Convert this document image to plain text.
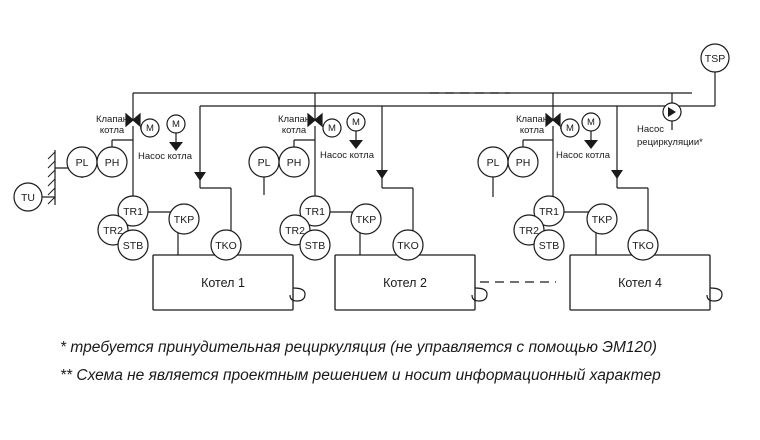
TSP
TU
Котел 1
M
Клапан
котла
M
Насос котла
PL PH
TR1
TR2
STB
TKP
TKO
Котел 2
M
Клапан
котла
M
Насос котла
PL PH
TR1
TR2
STB
TKP
TKO
Котел 4
M
Клапан
котла
M
Насос котла
PL PH
TR1
TR2
STB
TKP
TKO
Насос
рециркуляции*
* требуется принудительная рециркуляция (не управляется с помощью ЭМ120)
** Схема не является проектным решением и носит информационный характер
